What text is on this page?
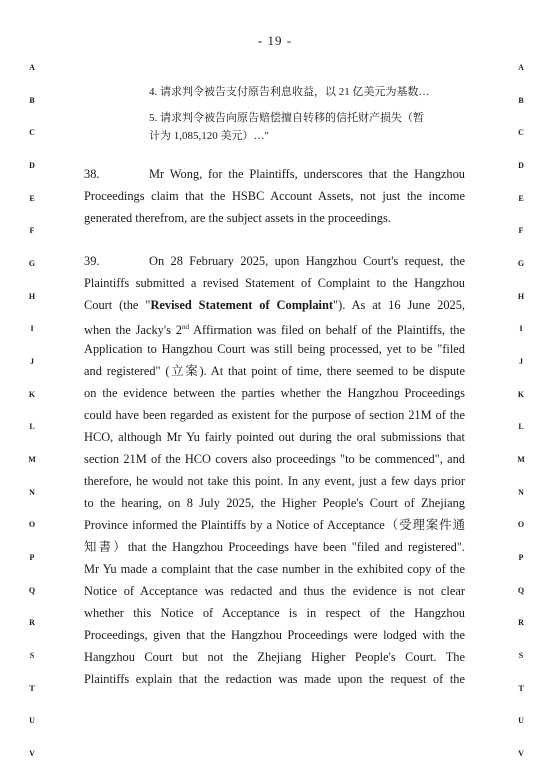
- 19 -
A
B
C
D
E
F
G
H
I
J
K
L
M
N
O
P
Q
R
S
T
U
V
A
B
C
D
E
F
G
H
I
J
K
L
M
N
O
P
Q
R
S
T
U
V
4. 请求判令被告支付原告利息收益，以 21 亿美元为基数…
5. 请求判令被告向原告赔偿擅自转移的信托财产损失（暂
计为 1,085,120 美元）…"
38.	Mr Wong, for the Plaintiffs, underscores that the Hangzhou
Proceedings claim that the HSBC Account Assets, not just the income
generated therefrom, are the subject assets in the proceedings.
39.	On 28 February 2025, upon Hangzhou Court's request, the
Plaintiffs submitted a revised Statement of Complaint to the Hangzhou
Court (the "Revised Statement of Complaint"). As at 16 June 2025,
when the Jacky's 2nd Affirmation was filed on behalf of the Plaintiffs, the
Application to Hangzhou Court was still being processed, yet to be "filed
and registered" (立案). At that point of time, there seemed to be dispute
on the evidence between the parties whether the Hangzhou Proceedings
could have been regarded as existent for the purpose of section 21M of the
HCO, although Mr Yu fairly pointed out during the oral submissions that
section 21M of the HCO covers also proceedings "to be commenced", and
therefore, he would not take this point. In any event, just a few days prior
to the hearing, on 8 July 2025, the Higher People's Court of Zhejiang
Province informed the Plaintiffs by a Notice of Acceptance（受理案件通
知書）that the Hangzhou Proceedings have been "filed and registered".
Mr Yu made a complaint that the case number in the exhibited copy of the
Notice of Acceptance was redacted and thus the evidence is not clear
whether this Notice of Acceptance is in respect of the Hangzhou
Proceedings, given that the Hangzhou Proceedings were lodged with the
Hangzhou Court but not the Zhejiang Higher People's Court. The
Plaintiffs explain that the redaction was made upon the request of the
